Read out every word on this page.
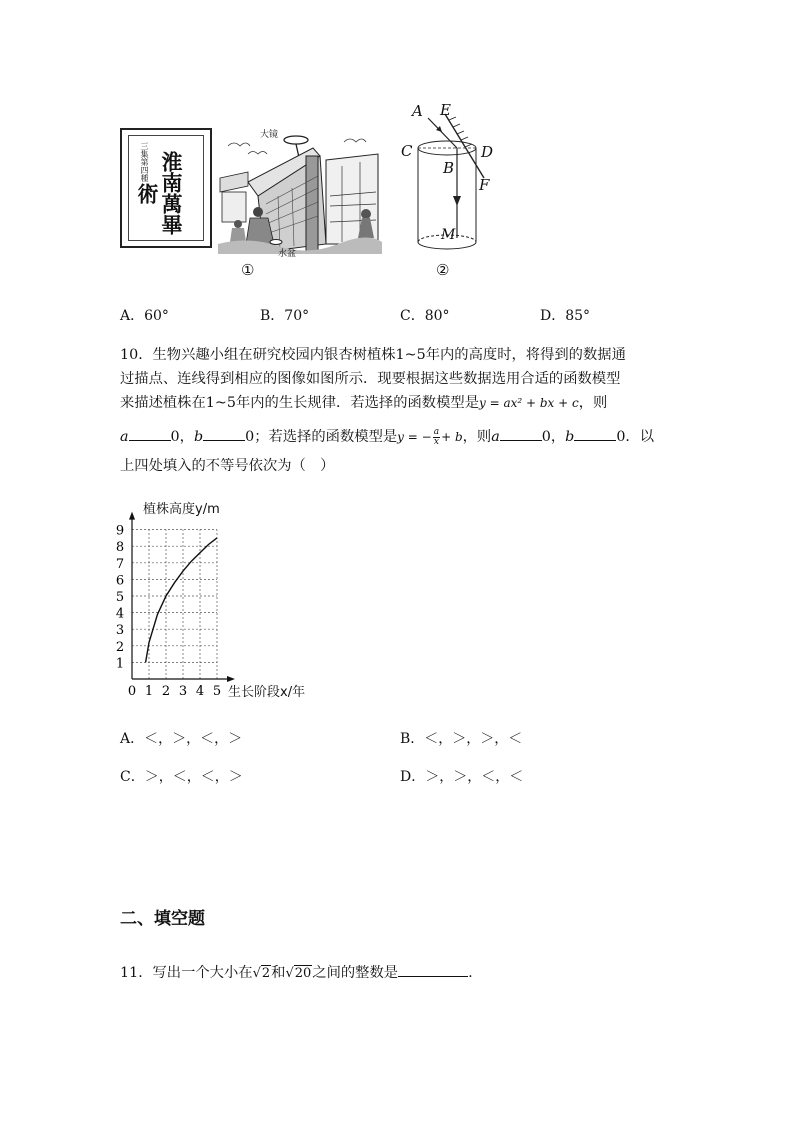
三集第四種 淮南萬畢術
大镜
水盆
①
A E
C	D
B
F
M
②
A．60°	B．70°	C．80°	D．85°
10．生物兴趣小组在研究校园内银杏树植株1~5年内的高度时，将得到的数据通
过描点、连线得到相应的图像如图所示．现要根据这些数据选用合适的函数模型
来描述植株在1~5年内的生长规律．若选择的函数模型是y = ax² + bx + c，则
a	0，b	0；若选择的函数模型是y = − $\frac{a}{x} + b$，则a	0，b	0．以
上四处填入的不等号依次为（　）
0 1 2 3 4 5
1
2
3
4
5
6
7
8
9
植株高度y/m
生长阶段x/年
A．＜，＞，＜，＞	B．＜，＞，＞，＜
C．＞，＜，＜，＞	D．＞，＞，＜，＜
二、填空题
11．写出一个大小在√2和√20之间的整数是	.
